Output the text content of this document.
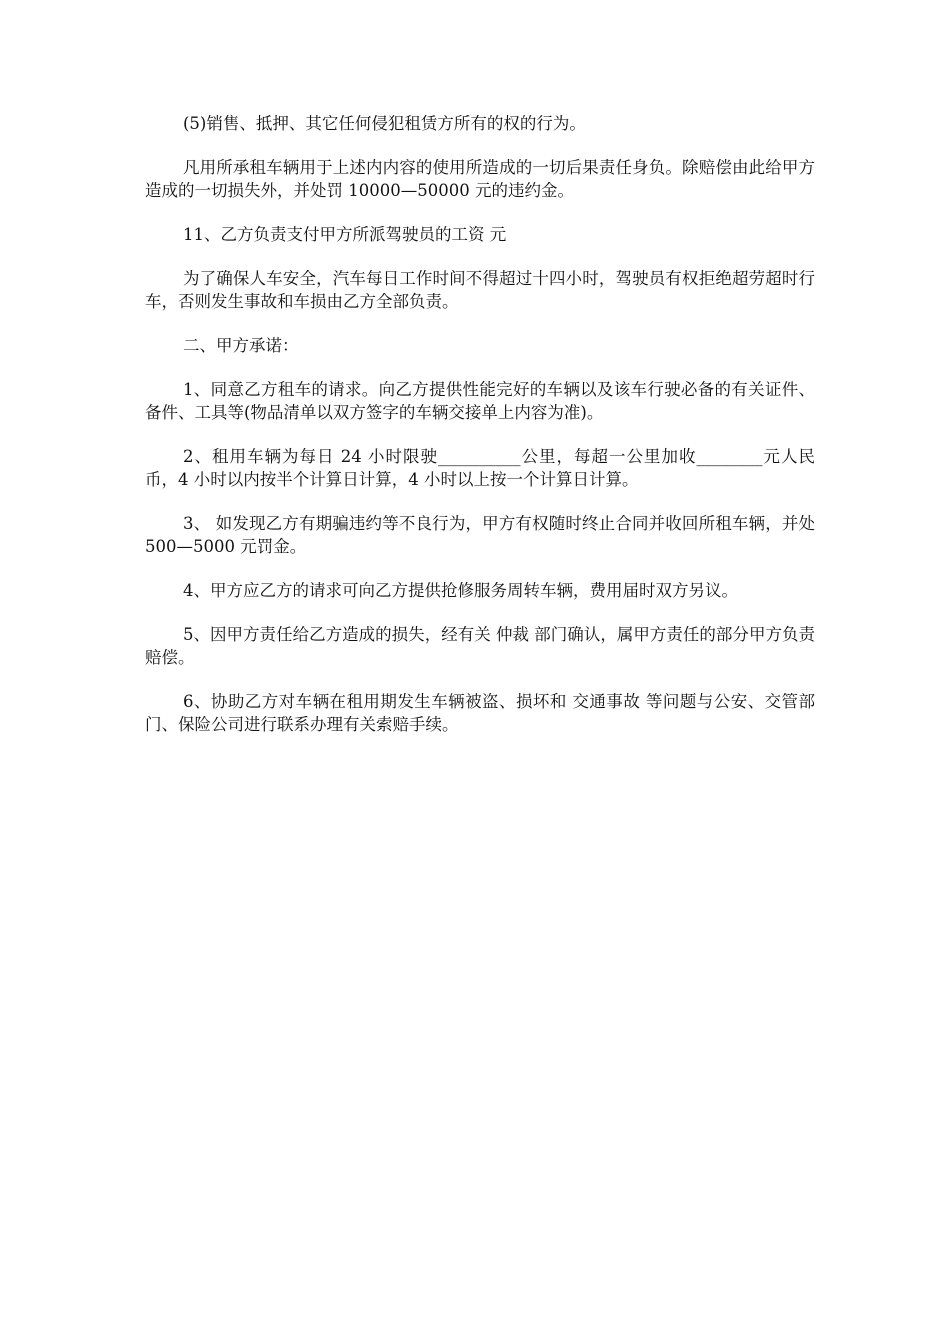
(5)销售、抵押、其它任何侵犯租赁方所有的权的行为。

凡用所承租车辆用于上述内内容的使用所造成的一切后果责任身负。除赔偿由此给甲方造成的一切损失外，并处罚 10000—50000 元的违约金。

11、乙方负责支付甲方所派驾驶员的工资 元

为了确保人车安全，汽车每日工作时间不得超过十四小时，驾驶员有权拒绝超劳超时行车，否则发生事故和车损由乙方全部负责。

二、甲方承诺：

1、同意乙方租车的请求。向乙方提供性能完好的车辆以及该车行驶必备的有关证件、备件、工具等(物品清单以双方签字的车辆交接单上内容为准)。

2、租用车辆为每日 24 小时限驶__________公里，每超一公里加收________元人民币，4 小时以内按半个计算日计算，4 小时以上按一个计算日计算。

3、 如发现乙方有期骗违约等不良行为，甲方有权随时终止合同并收回所租车辆，并处 500—5000 元罚金。

4、甲方应乙方的请求可向乙方提供抢修服务周转车辆，费用届时双方另议。

5、因甲方责任给乙方造成的损失，经有关 仲裁 部门确认，属甲方责任的部分甲方负责赔偿。

6、协助乙方对车辆在租用期发生车辆被盗、损坏和 交通事故 等问题与公安、交管部门、保险公司进行联系办理有关索赔手续。
